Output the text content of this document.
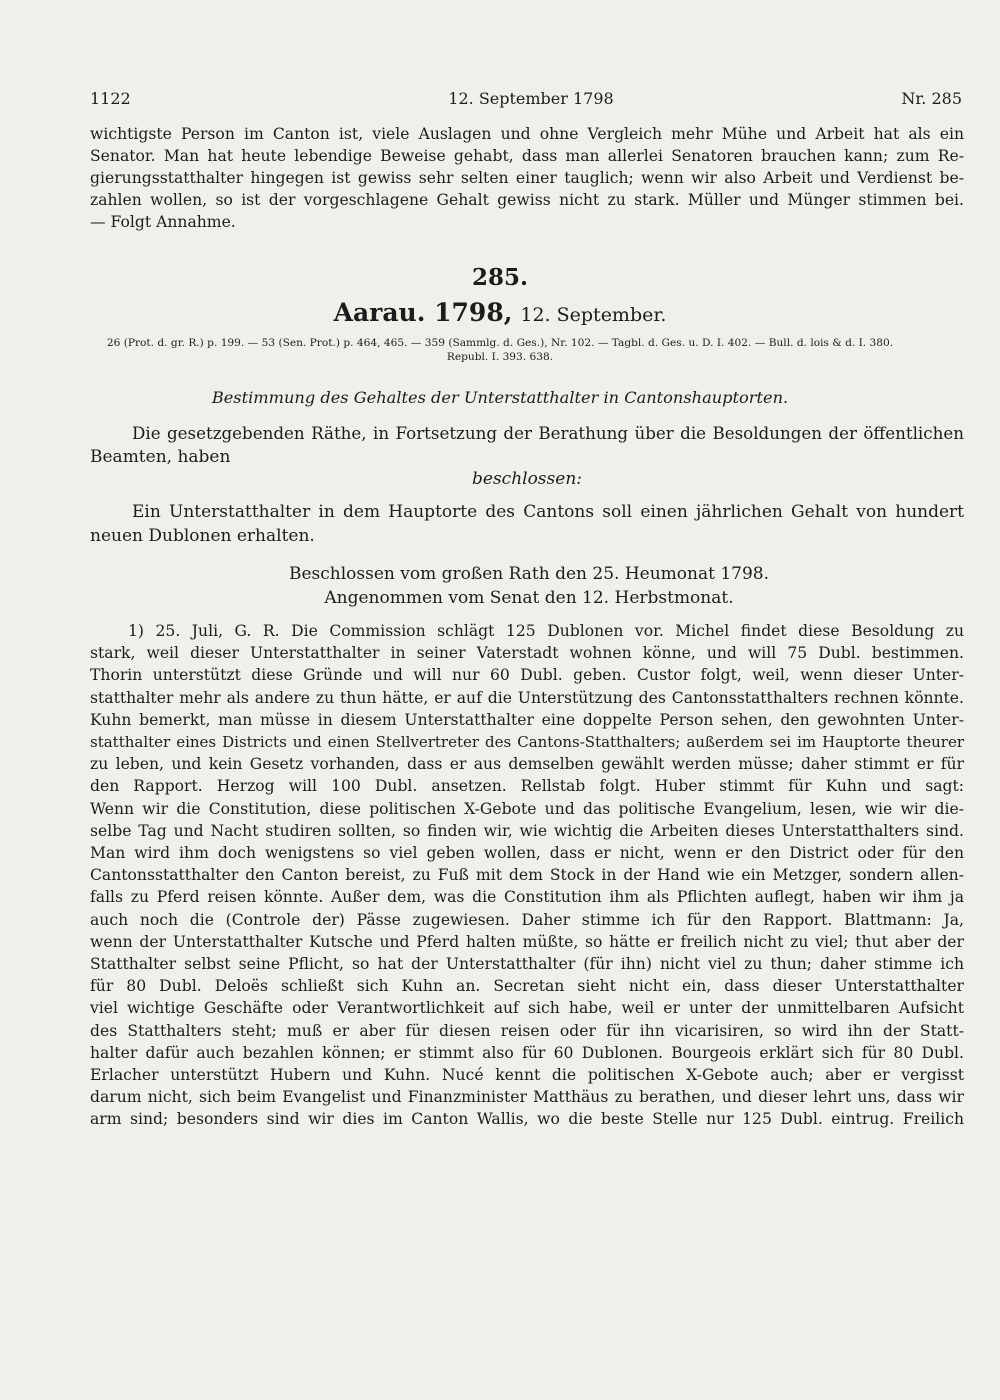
1122	12. September 1798	Nr. 285

wichtigste Person im Canton ist, viele Auslagen und ohne Vergleich mehr Mühe und Arbeit hat als ein

Senator. Man hat heute lebendige Beweise gehabt, dass man allerlei Senatoren brauchen kann; zum Re-

gierungsstatthalter hingegen ist gewiss sehr selten einer tauglich; wenn wir also Arbeit und Verdienst be-

zahlen wollen, so ist der vorgeschlagene Gehalt gewiss nicht zu stark. Müller und Münger stimmen bei.

— Folgt Annahme.

285.
Aarau. 1798, 12. September.

26 (Prot. d. gr. R.) p. 199. — 53 (Sen. Prot.) p. 464, 465. — 359 (Sammlg. d. Ges.), Nr. 102. — Tagbl. d. Ges. u. D. I. 402. — Bull. d. lois & d. I. 380.

Republ. I. 393. 638.

Bestimmung des Gehaltes der Unterstatthalter in Cantonshauptorten.

Die gesetzgebenden Räthe, in Fortsetzung der Berathung über die Besoldungen der öffentlichen

Beamten, haben

beschlossen:

Ein Unterstatthalter in dem Hauptorte des Cantons soll einen jährlichen Gehalt von hundert

neuen Dublonen erhalten.

Beschlossen vom großen Rath den 25. Heumonat 1798.

Angenommen vom Senat den 12. Herbstmonat.

1) 25. Juli, G. R. Die Commission schlägt 125 Dublonen vor. Michel findet diese Besoldung zu

stark, weil dieser Unterstatthalter in seiner Vaterstadt wohnen könne, und will 75 Dubl. bestimmen.

Thorin unterstützt diese Gründe und will nur 60 Dubl. geben. Custor folgt, weil, wenn dieser Unter-

statthalter mehr als andere zu thun hätte, er auf die Unterstützung des Cantonsstatthalters rechnen könnte.

Kuhn bemerkt, man müsse in diesem Unterstatthalter eine doppelte Person sehen, den gewohnten Unter-

statthalter eines Districts und einen Stellvertreter des Cantons-Statthalters; außerdem sei im Hauptorte theurer

zu leben, und kein Gesetz vorhanden, dass er aus demselben gewählt werden müsse; daher stimmt er für

den Rapport. Herzog will 100 Dubl. ansetzen. Rellstab folgt. Huber stimmt für Kuhn und sagt:

Wenn wir die Constitution, diese politischen X-Gebote und das politische Evangelium, lesen, wie wir die-

selbe Tag und Nacht studiren sollten, so finden wir, wie wichtig die Arbeiten dieses Unterstatthalters sind.

Man wird ihm doch wenigstens so viel geben wollen, dass er nicht, wenn er den District oder für den

Cantonsstatthalter den Canton bereist, zu Fuß mit dem Stock in der Hand wie ein Metzger, sondern allen-

falls zu Pferd reisen könnte. Außer dem, was die Constitution ihm als Pflichten auflegt, haben wir ihm ja

auch noch die (Controle der) Pässe zugewiesen. Daher stimme ich für den Rapport. Blattmann: Ja,

wenn der Unterstatthalter Kutsche und Pferd halten müßte, so hätte er freilich nicht zu viel; thut aber der

Statthalter selbst seine Pflicht, so hat der Unterstatthalter (für ihn) nicht viel zu thun; daher stimme ich

für 80 Dubl. Deloës schließt sich Kuhn an. Secretan sieht nicht ein, dass dieser Unterstatthalter

viel wichtige Geschäfte oder Verantwortlichkeit auf sich habe, weil er unter der unmittelbaren Aufsicht

des Statthalters steht; muß er aber für diesen reisen oder für ihn vicarisiren, so wird ihn der Statt-

halter dafür auch bezahlen können; er stimmt also für 60 Dublonen. Bourgeois erklärt sich für 80 Dubl.

Erlacher unterstützt Hubern und Kuhn. Nucé kennt die politischen X-Gebote auch; aber er vergisst

darum nicht, sich beim Evangelist und Finanzminister Matthäus zu berathen, und dieser lehrt uns, dass wir

arm sind; besonders sind wir dies im Canton Wallis, wo die beste Stelle nur 125 Dubl. eintrug. Freilich
